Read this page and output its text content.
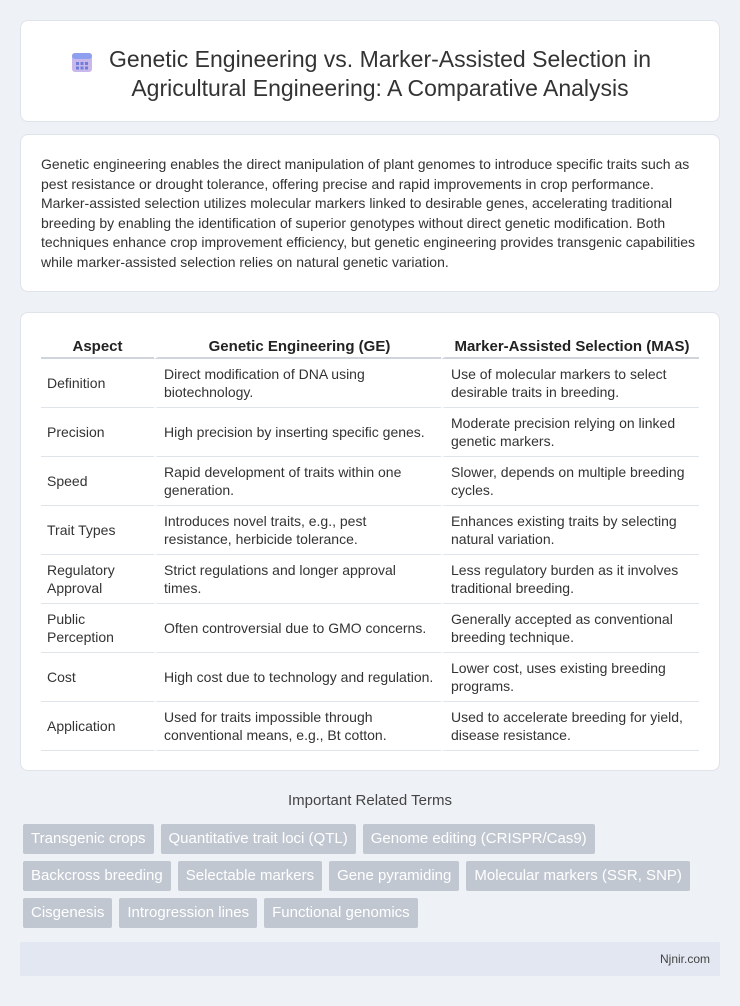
Genetic Engineering vs. Marker-Assisted Selection in Agricultural Engineering: A Comparative Analysis

Genetic engineering enables the direct manipulation of plant genomes to introduce specific traits such as pest resistance or drought tolerance, offering precise and rapid improvements in crop performance. Marker-assisted selection utilizes molecular markers linked to desirable genes, accelerating traditional breeding by enabling the identification of superior genotypes without direct genetic modification. Both techniques enhance crop improvement efficiency, but genetic engineering provides transgenic capabilities while marker-assisted selection relies on natural genetic variation.

Aspect	Genetic Engineering (GE)	Marker-Assisted Selection (MAS)
Definition	Direct modification of DNA using biotechnology.	Use of molecular markers to select desirable traits in breeding.
Precision	High precision by inserting specific genes.	Moderate precision relying on linked genetic markers.
Speed	Rapid development of traits within one generation.	Slower, depends on multiple breeding cycles.
Trait Types	Introduces novel traits, e.g., pest resistance, herbicide tolerance.	Enhances existing traits by selecting natural variation.
Regulatory Approval	Strict regulations and longer approval times.	Less regulatory burden as it involves traditional breeding.
Public Perception	Often controversial due to GMO concerns.	Generally accepted as conventional breeding technique.
Cost	High cost due to technology and regulation.	Lower cost, uses existing breeding programs.
Application	Used for traits impossible through conventional means, e.g., Bt cotton.	Used to accelerate breeding for yield, disease resistance.
Important Related Terms
Transgenic crops	Quantitative trait loci (QTL)	Genome editing (CRISPR/Cas9)
Backcross breeding	Selectable markers	Gene pyramiding	Molecular markers (SSR, SNP)
Cisgenesis	Introgression lines	Functional genomics
Njnir.com
